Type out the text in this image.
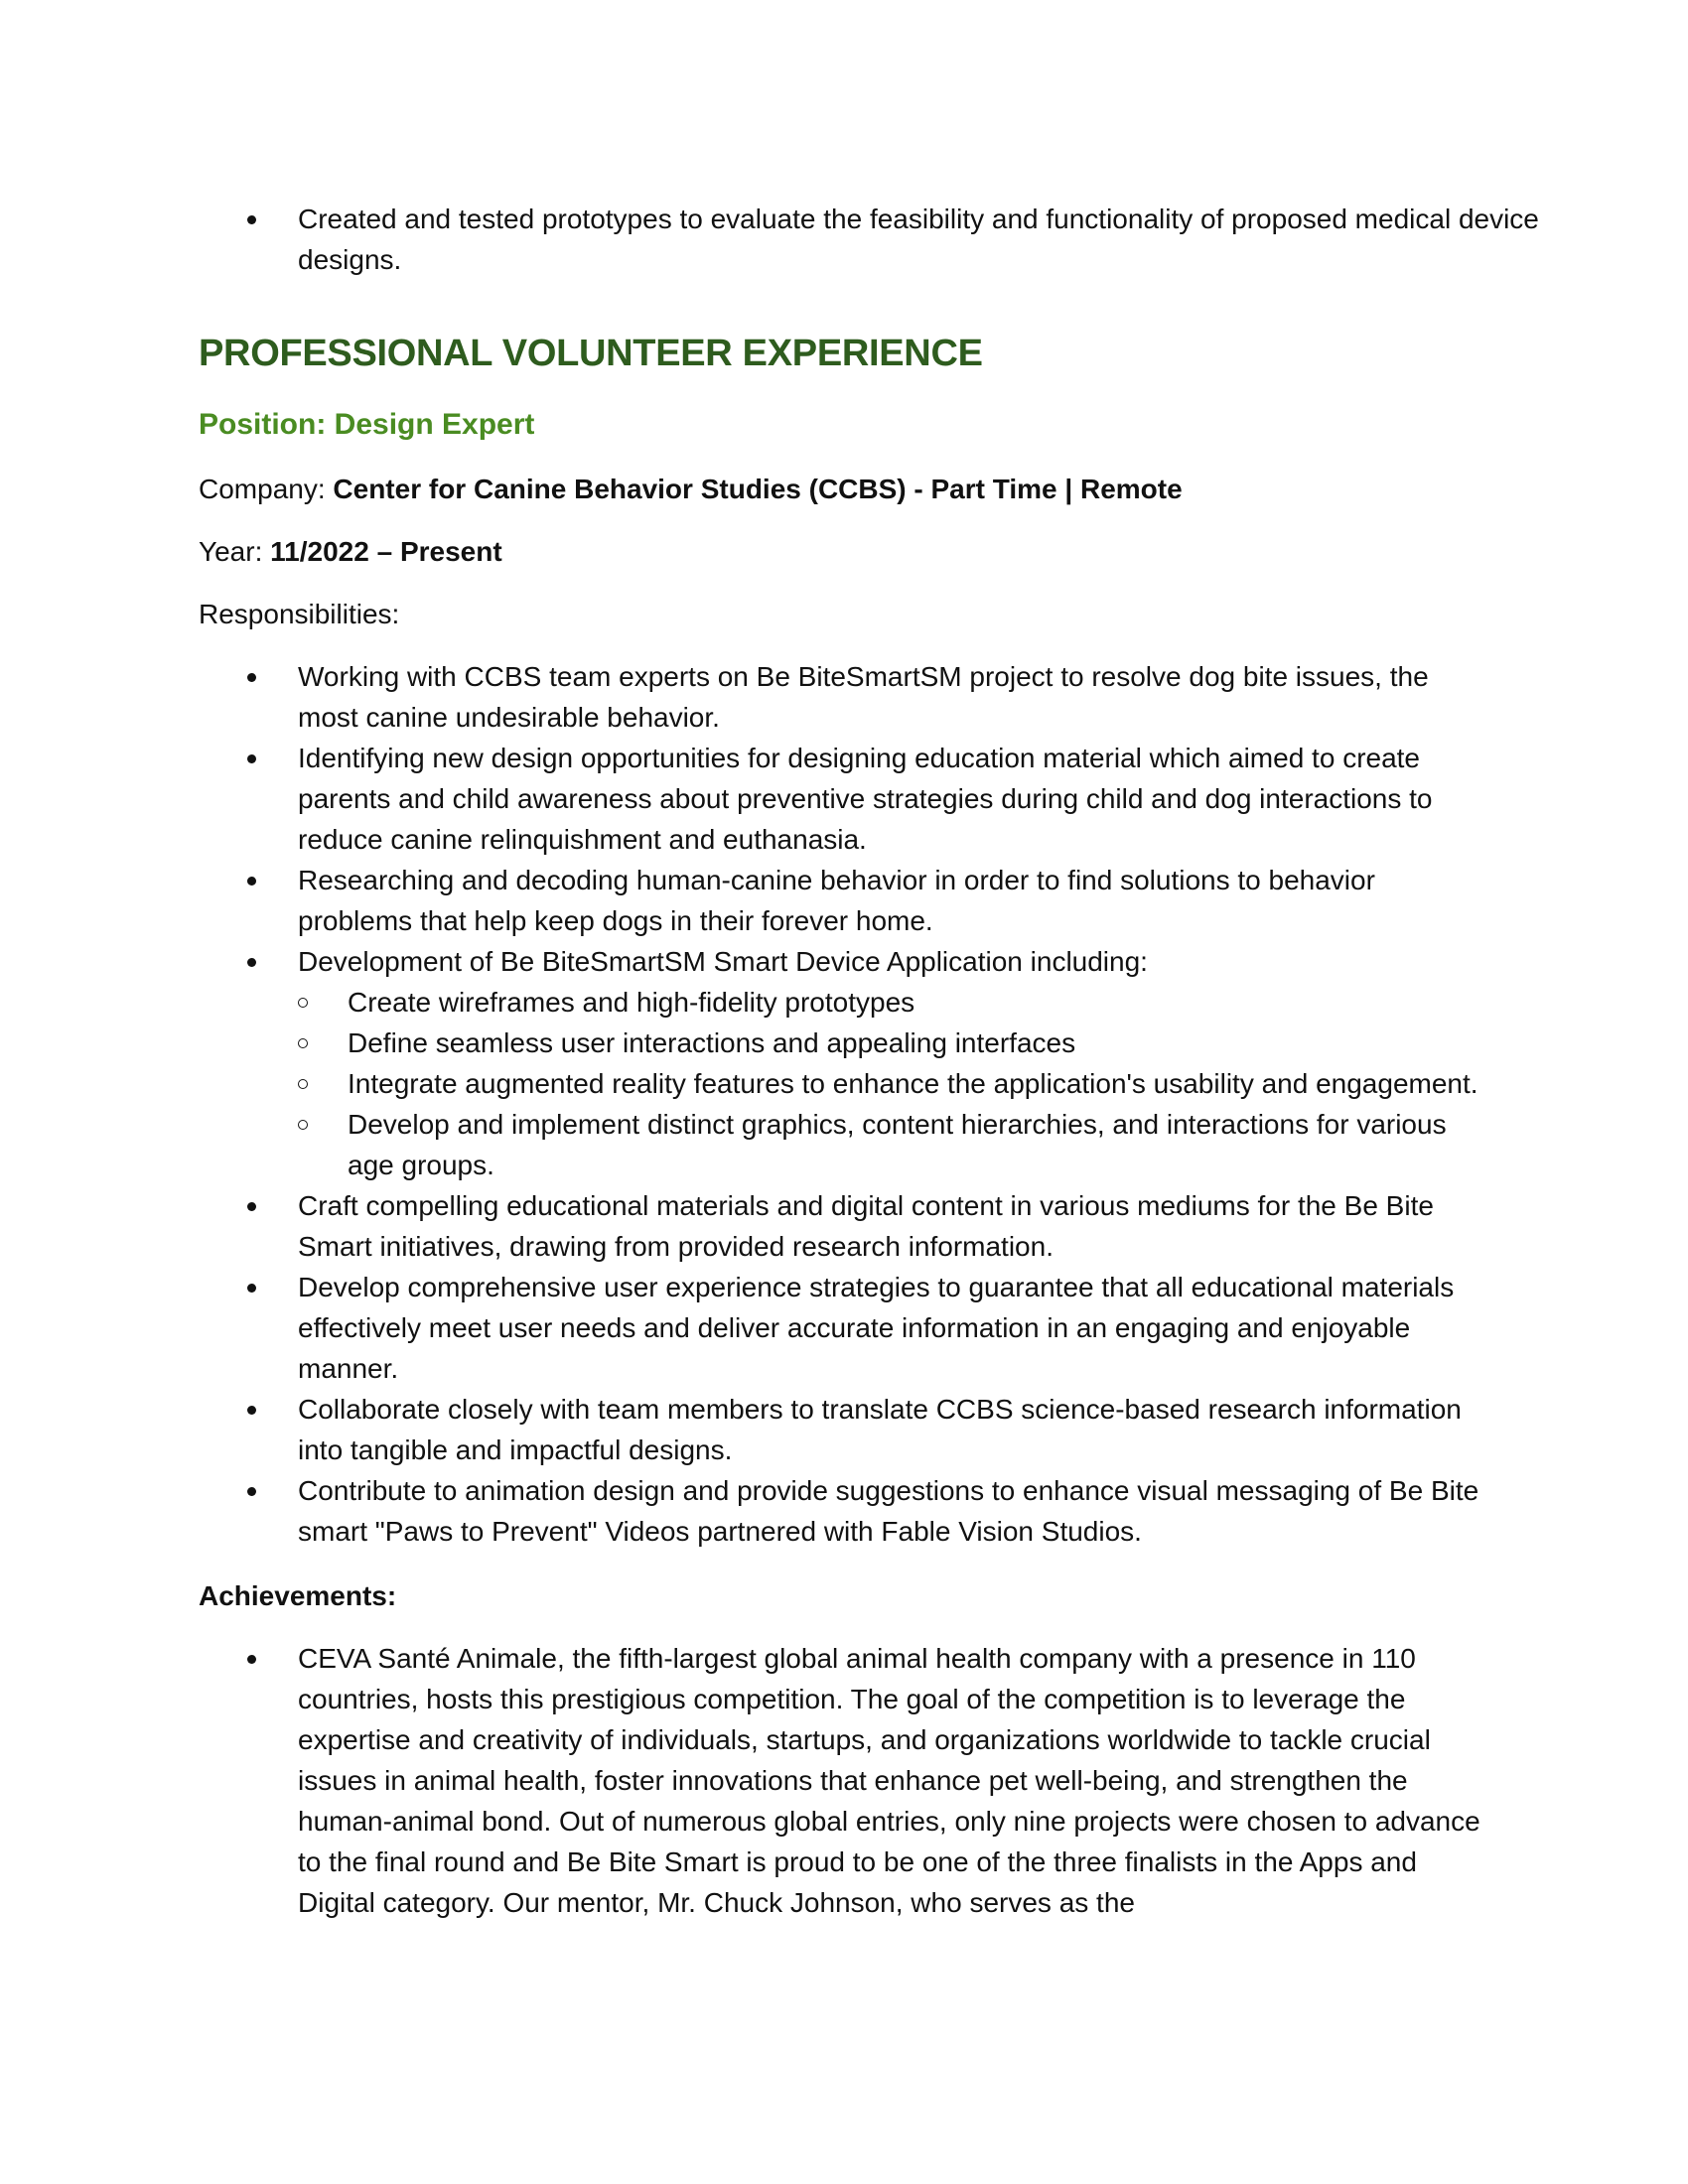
Created and tested prototypes to evaluate the feasibility and functionality of proposed medical device designs.
PROFESSIONAL VOLUNTEER EXPERIENCE
Position: Design Expert
Company: Center for Canine Behavior Studies (CCBS) - Part Time | Remote
Year: 11/2022 – Present
Responsibilities:
Working with CCBS team experts on Be BiteSmartSM project to resolve dog bite issues, the most canine undesirable behavior.
Identifying new design opportunities for designing education material which aimed to create parents and child awareness about preventive strategies during child and dog interactions to reduce canine relinquishment and euthanasia.
Researching and decoding human-canine behavior in order to find solutions to behavior problems that help keep dogs in their forever home.
Development of Be BiteSmartSM Smart Device Application including:
Create wireframes and high-fidelity prototypes
Define seamless user interactions and appealing interfaces
Integrate augmented reality features to enhance the application's usability and engagement.
Develop and implement distinct graphics, content hierarchies, and interactions for various age groups.
Craft compelling educational materials and digital content in various mediums for the Be Bite Smart initiatives, drawing from provided research information.
Develop comprehensive user experience strategies to guarantee that all educational materials effectively meet user needs and deliver accurate information in an engaging and enjoyable manner.
Collaborate closely with team members to translate CCBS science-based research information into tangible and impactful designs.
Contribute to animation design and provide suggestions to enhance visual messaging of Be Bite smart "Paws to Prevent" Videos partnered with Fable Vision Studios.
Achievements:
CEVA Santé Animale, the fifth-largest global animal health company with a presence in 110 countries, hosts this prestigious competition. The goal of the competition is to leverage the expertise and creativity of individuals, startups, and organizations worldwide to tackle crucial issues in animal health, foster innovations that enhance pet well-being, and strengthen the human-animal bond. Out of numerous global entries, only nine projects were chosen to advance to the final round and Be Bite Smart is proud to be one of the three finalists in the Apps and Digital category. Our mentor, Mr. Chuck Johnson, who serves as the
